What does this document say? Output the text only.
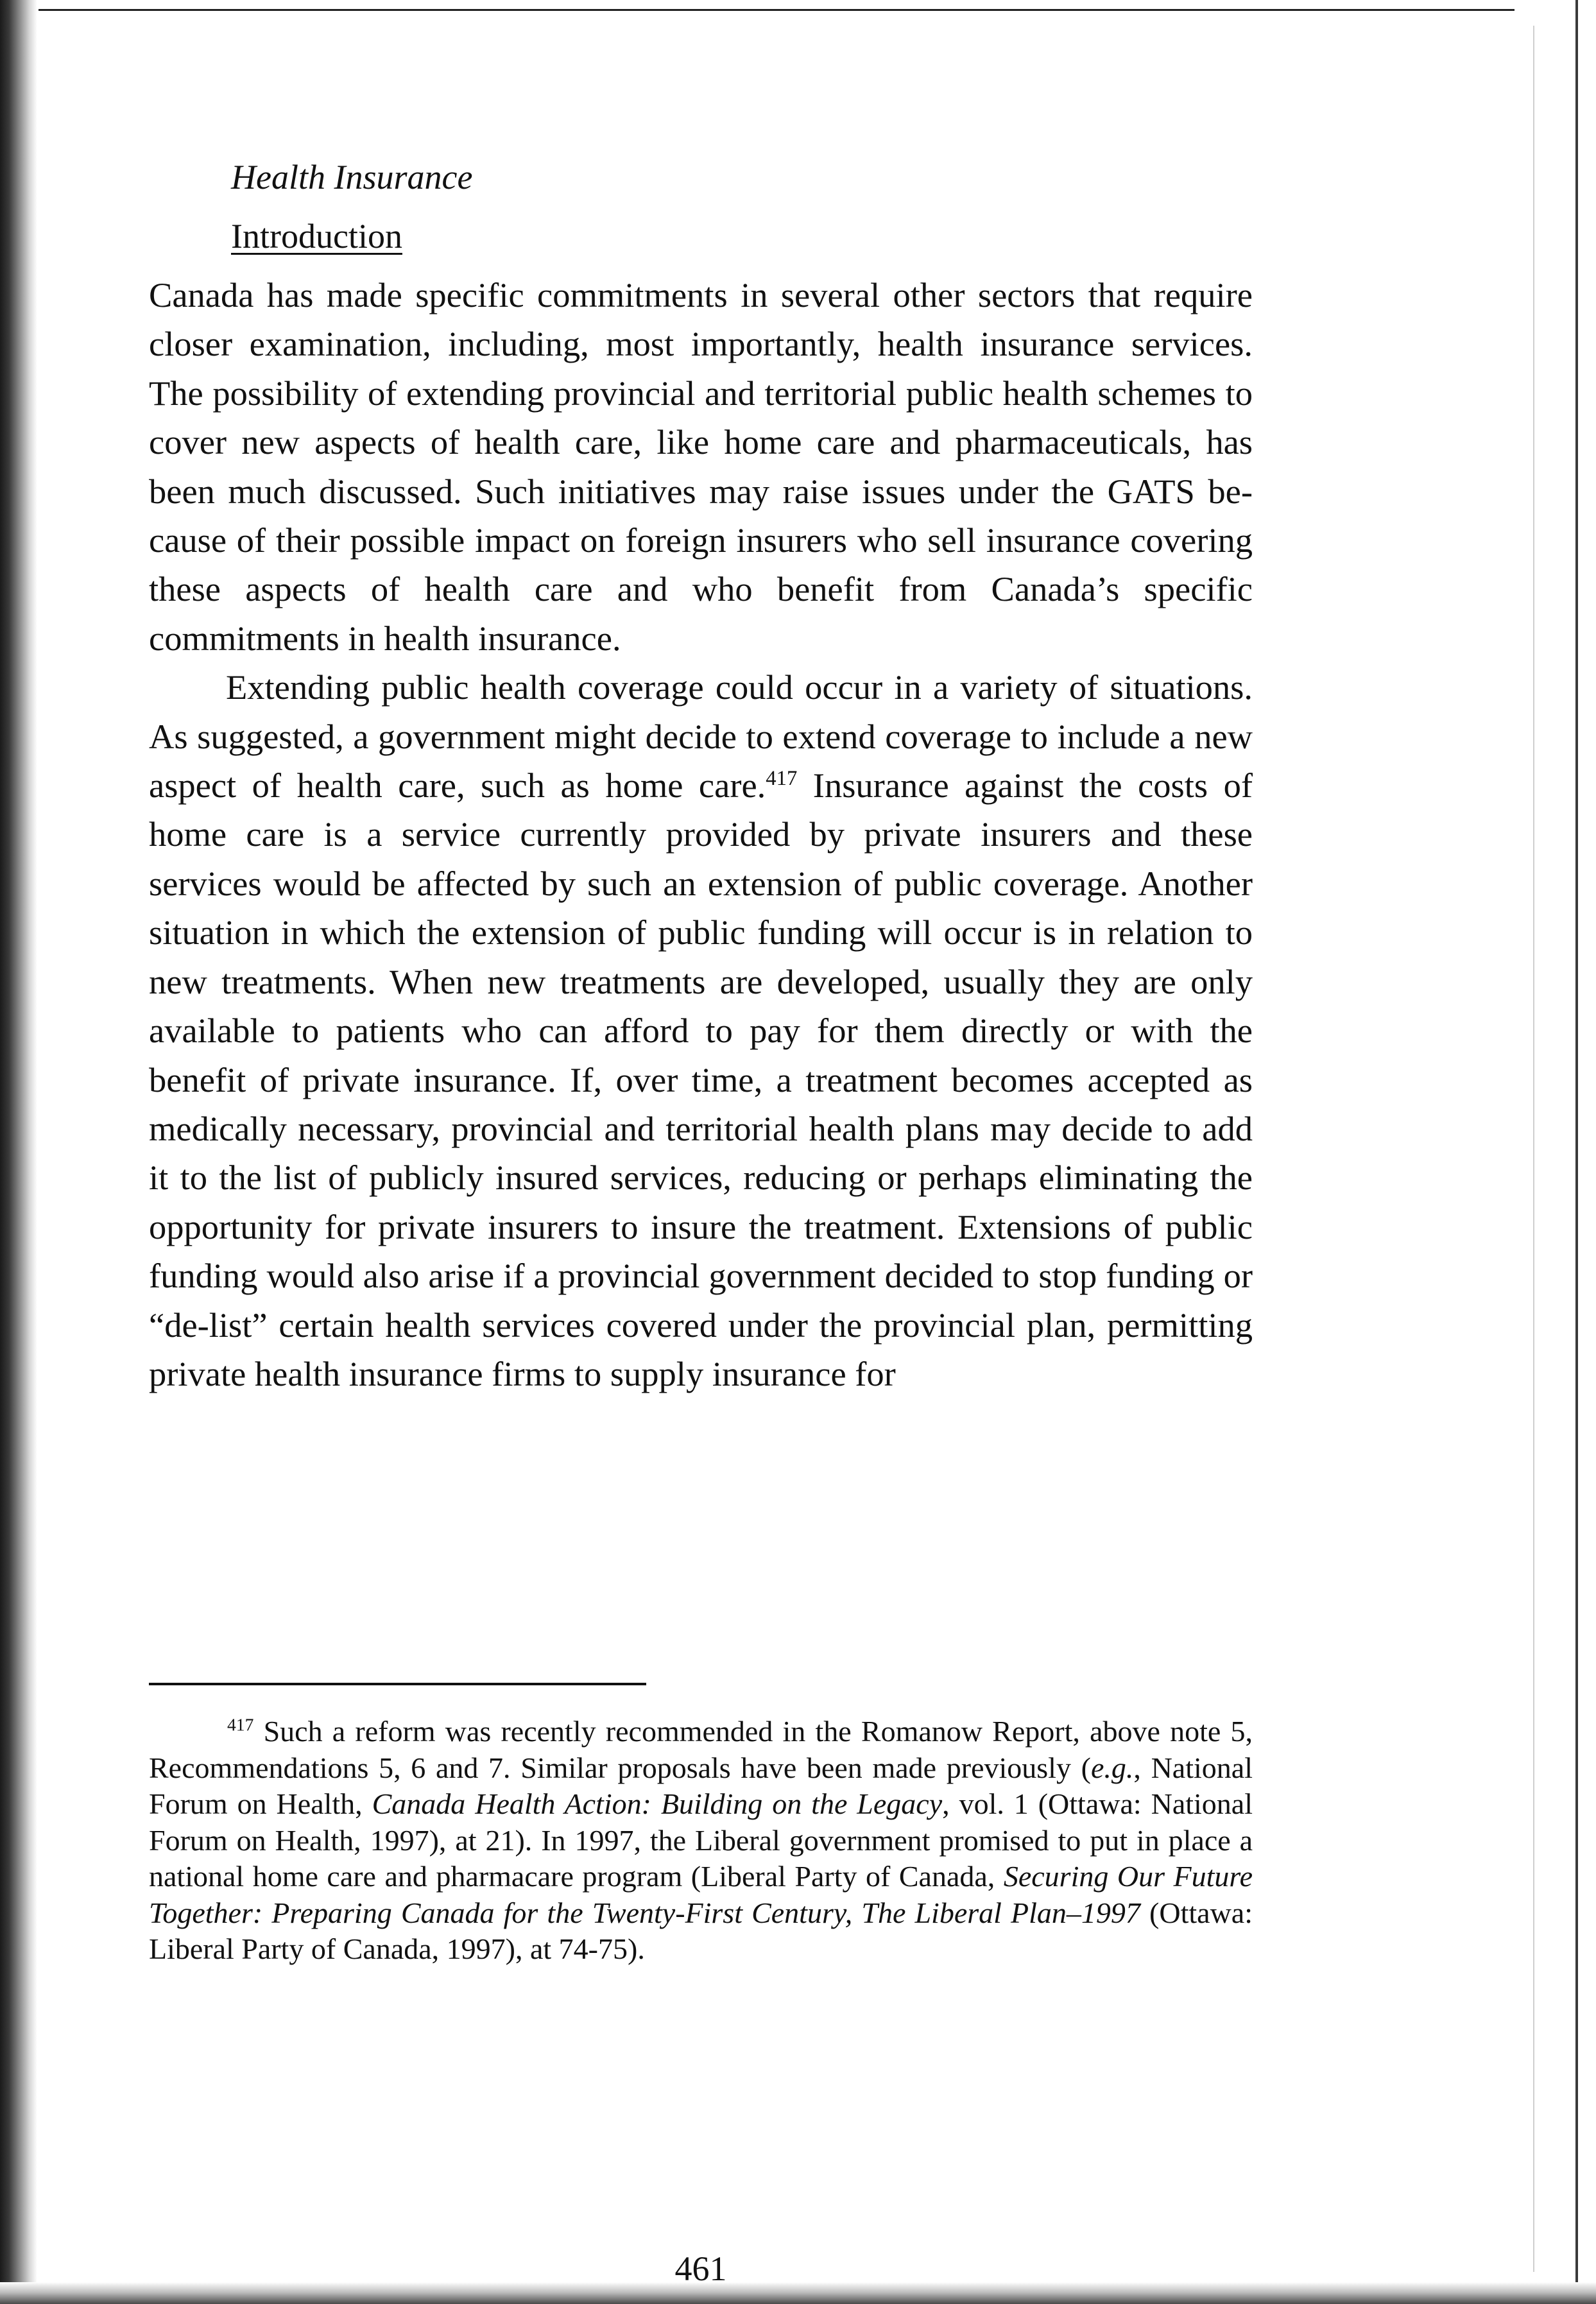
Health Insurance
Introduction

Canada has made specific commitments in several other sectors that require closer examination, including, most importantly, health insurance services. The possibility of extending provincial and territorial public health schemes to cover new aspects of health care, like home care and pharmaceuticals, has been much discussed. Such initiatives may raise issues under the GATS because of their possible impact on foreign insurers who sell insurance covering these aspects of health care and who benefit from Canada’s specific commitments in health insurance.

Extending public health coverage could occur in a variety of situations. As suggested, a government might decide to extend coverage to include a new aspect of health care, such as home care.$^{417}$ Insurance against the costs of home care is a service currently provided by private insurers and these services would be affected by such an extension of public coverage. Another situation in which the extension of public funding will occur is in relation to new treatments. When new treatments are developed, usually they are only available to patients who can afford to pay for them directly or with the benefit of private insurance. If, over time, a treatment becomes accepted as medically necessary, provincial and territorial health plans may decide to add it to the list of publicly insured services, reducing or perhaps eliminating the opportunity for private insurers to insure the treatment. Extensions of public funding would also arise if a provincial government decided to stop funding or “de-list” certain health services covered under the provincial plan, permitting private health insurance firms to supply insurance for

$^{417}$ Such a reform was recently recommended in the Romanow Report, above note 5, Recommendations 5, 6 and 7. Similar proposals have been made previously (e.g., National Forum on Health, Canada Health Action: Building on the Legacy, vol. 1 (Ottawa: National Forum on Health, 1997), at 21). In 1997, the Liberal government promised to put in place a national home care and pharmacare program (Liberal Party of Canada, Securing Our Future Together: Preparing Canada for the Twenty-First Century, The Liberal Plan–1997 (Ottawa: Liberal Party of Canada, 1997), at 74-75).

461
